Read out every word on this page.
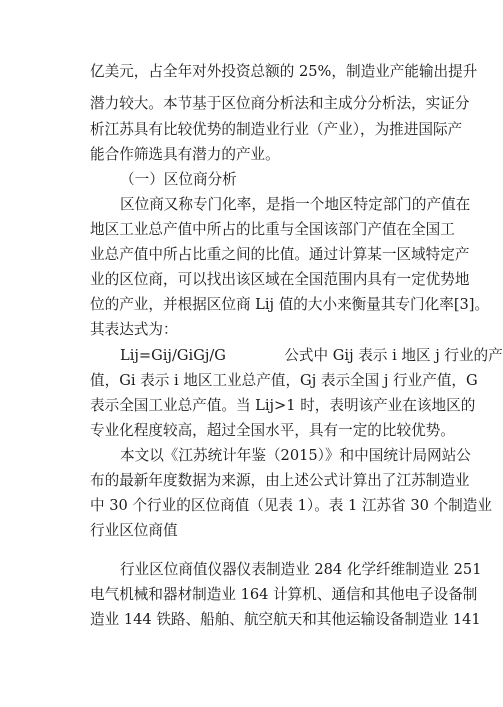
亿美元，占全年对外投资总额的 25%，制造业产能输出提升
潜力较大。本节基于区位商分析法和主成分分析法，实证分
析江苏具有比较优势的制造业行业（产业），为推进国际产
能合作筛选具有潜力的产业。
（一）区位商分析
区位商又称专门化率，是指一个地区特定部门的产值在
地区工业总产值中所占的比重与全国该部门产值在全国工
业总产值中所占比重之间的比值。通过计算某一区域特定产
业的区位商，可以找出该区域在全国范围内具有一定优势地
位的产业，并根据区位商 Lij 值的大小来衡量其专门化率[3]。
其表达式为：
Lij=Gij/GiGj/G　　　　公式中 Gij 表示 i 地区 j 行业的产
值，Gi 表示 i 地区工业总产值，Gj 表示全国 j 行业产值，G
表示全国工业总产值。当 Lij>1 时，表明该产业在该地区的
专业化程度较高，超过全国水平，具有一定的比较优势。
本文以《江苏统计年鉴（2015）》和中国统计局网站公
布的最新年度数据为来源，由上述公式计算出了江苏制造业
中 30 个行业的区位商值（见表 1）。表 1 江苏省 30 个制造业
行业区位商值
行业区位商值仪器仪表制造业 284 化学纤维制造业 251
电气机械和器材制造业 164 计算机、通信和其他电子设备制
造业 144 铁路、船舶、航空航天和其他运输设备制造业 141
